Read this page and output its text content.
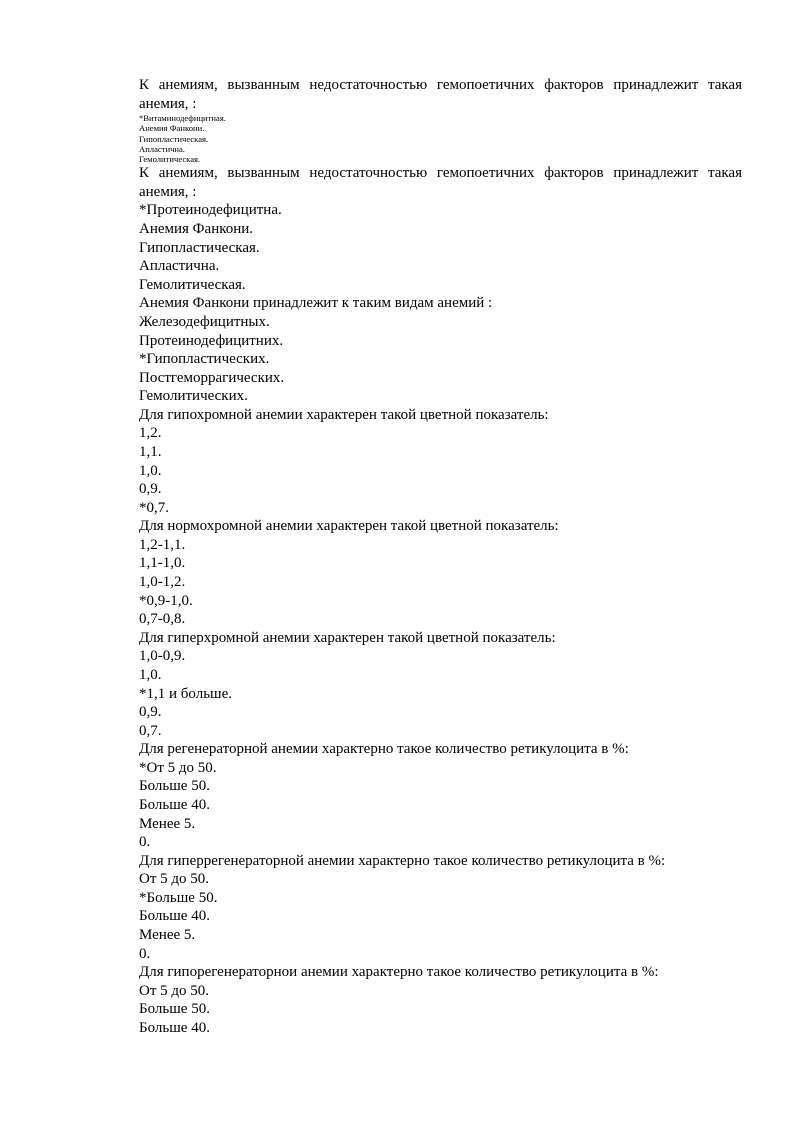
К анемиям, вызванным недостаточностью гемопоетичних факторов принадлежит такая анемия, :
*Витаминодефицитная.
Анемия Фанкони.
Гипопластическая.
Апластична.
Гемолитическая.
К анемиям, вызванным недостаточностью гемопоетичних факторов принадлежит такая анемия, :
*Протеинодефицитна.
Анемия Фанкони.
Гипопластическая.
Апластична.
Гемолитическая.
Анемия Фанкони принадлежит к таким видам анемий :
Железодефицитных.
Протеинодефицитних.
*Гипопластических.
Постгеморрагических.
Гемолитических.
Для гипохромной анемии характерен такой цветной показатель:
1,2.
1,1.
1,0.
0,9.
*0,7.
Для нормохромной анемии характерен такой цветной показатель:
1,2-1,1.
1,1-1,0.
1,0-1,2.
*0,9-1,0.
0,7-0,8.
Для гиперхромной анемии характерен такой цветной показатель:
1,0-0,9.
1,0.
*1,1 и больше.
0,9.
0,7.
Для регенераторной анемии характерно такое количество ретикулоцита в %:
*От 5 до 50.
Больше 50.
Больше 40.
Менее 5.
0.
Для гиперрегенераторной анемии характерно такое количество ретикулоцита в %:
От 5 до 50.
*Больше 50.
Больше 40.
Менее 5.
0.
Для гипорегенераторнои анемии характерно такое количество ретикулоцита в %:
От 5 до 50.
Больше 50.
Больше 40.
